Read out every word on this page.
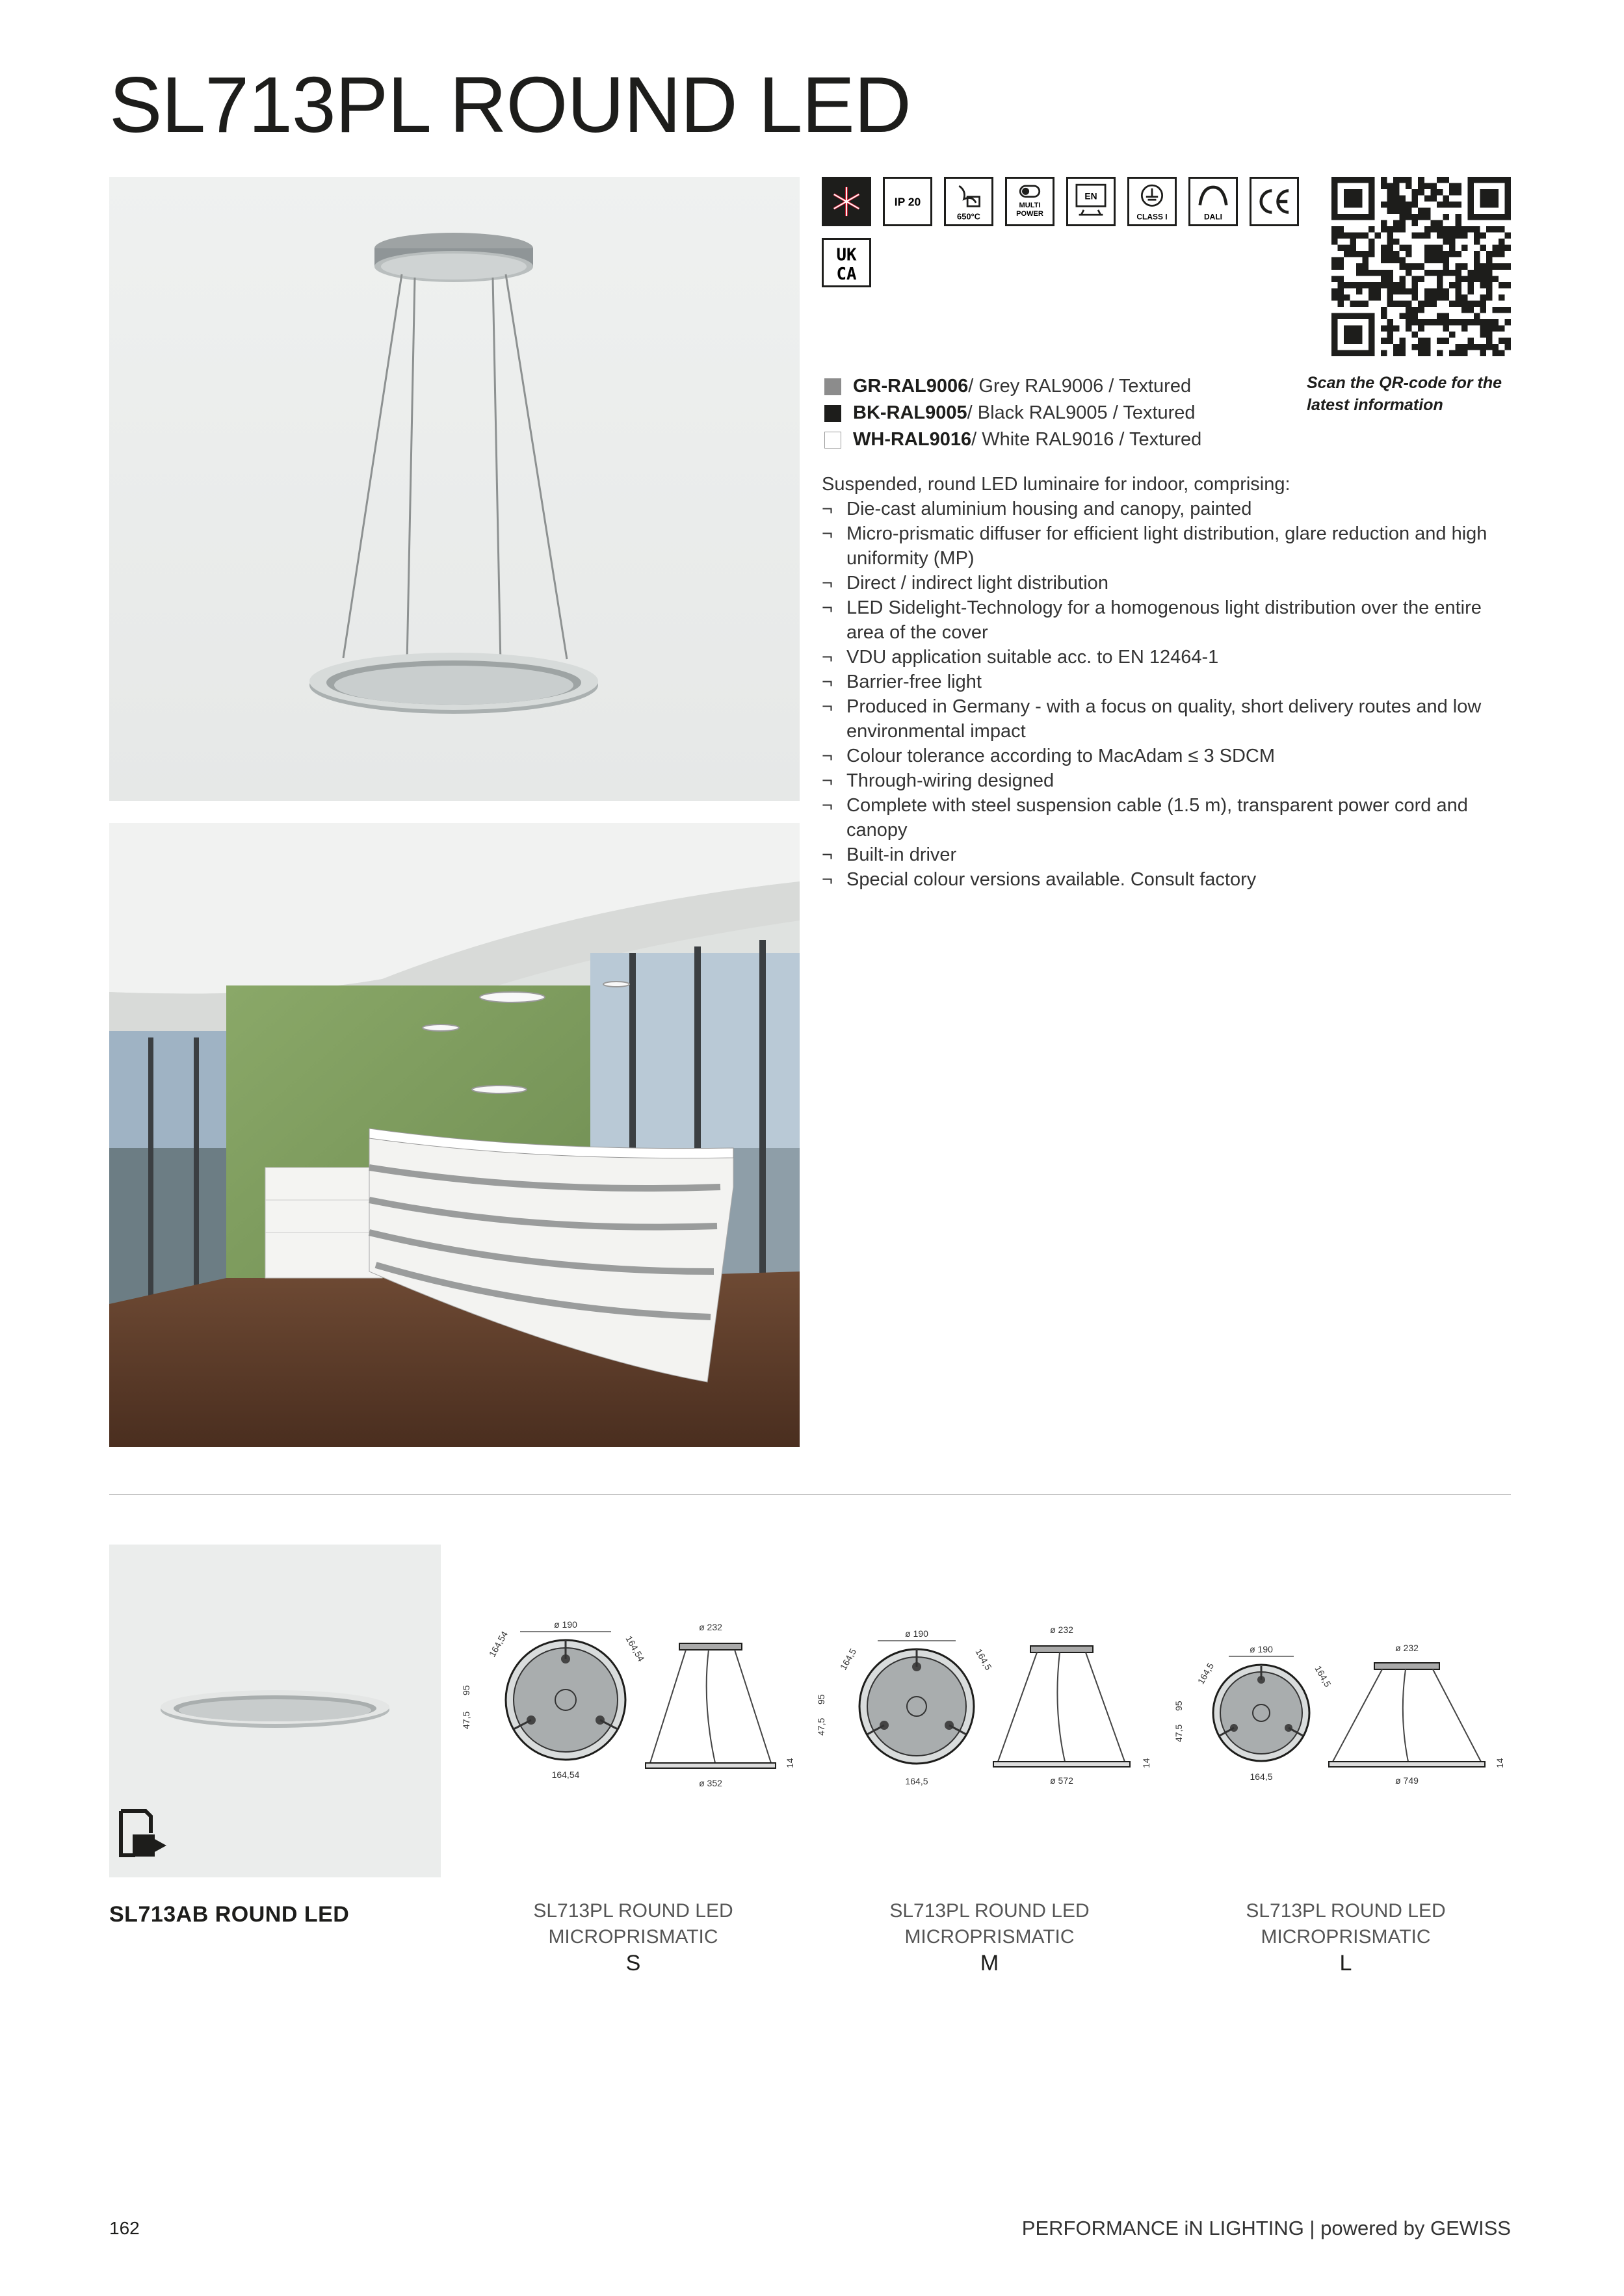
SL713PL ROUND LED
IP 20
650°C
MULTI
POWER
EN
CLASS I	DALI
UK
CA
Scan the QR-code for the latest information
GR-RAL9006 / Grey RAL9006 / Textured
BK-RAL9005 / Black RAL9005 / Textured
WH-RAL9016 / White RAL9016 / Textured
Suspended, round LED luminaire for indoor, comprising:
¬ Die-cast aluminium housing and canopy, painted
¬ Micro-prismatic diffuser for efficient light distribution, glare reduction and high uniformity (MP)
¬ Direct / indirect light distribution
¬ LED Sidelight-Technology for a homogenous light distribution over the entire area of the cover
¬ VDU application suitable acc. to EN 12464-1
¬ Barrier-free light
¬ Produced in Germany - with a focus on quality, short delivery routes and low environmental impact
¬ Colour tolerance according to MacAdam ≤ 3 SDCM
¬ Through-wiring designed
¬ Complete with steel suspension cable (1.5 m), transparent power cord and canopy
¬ Built-in driver
¬ Special colour versions available. Consult factory
SL713AB ROUND LED
ø 190
164,54
164,54	164,54
47,5
95
ø 232
ø 352
14
ø 190
164,5
164,5	164,5
47,5
95
ø 232
ø 572
14
ø 190
164,5
164,5	164,5
47,5
95
ø 232
ø 749
14
SL713PL ROUND LED MICROPRISMATIC
S
SL713PL ROUND LED MICROPRISMATIC
M
SL713PL ROUND LED MICROPRISMATIC
L
162	PERFORMANCE iN LIGHTING | powered by GEWISS
